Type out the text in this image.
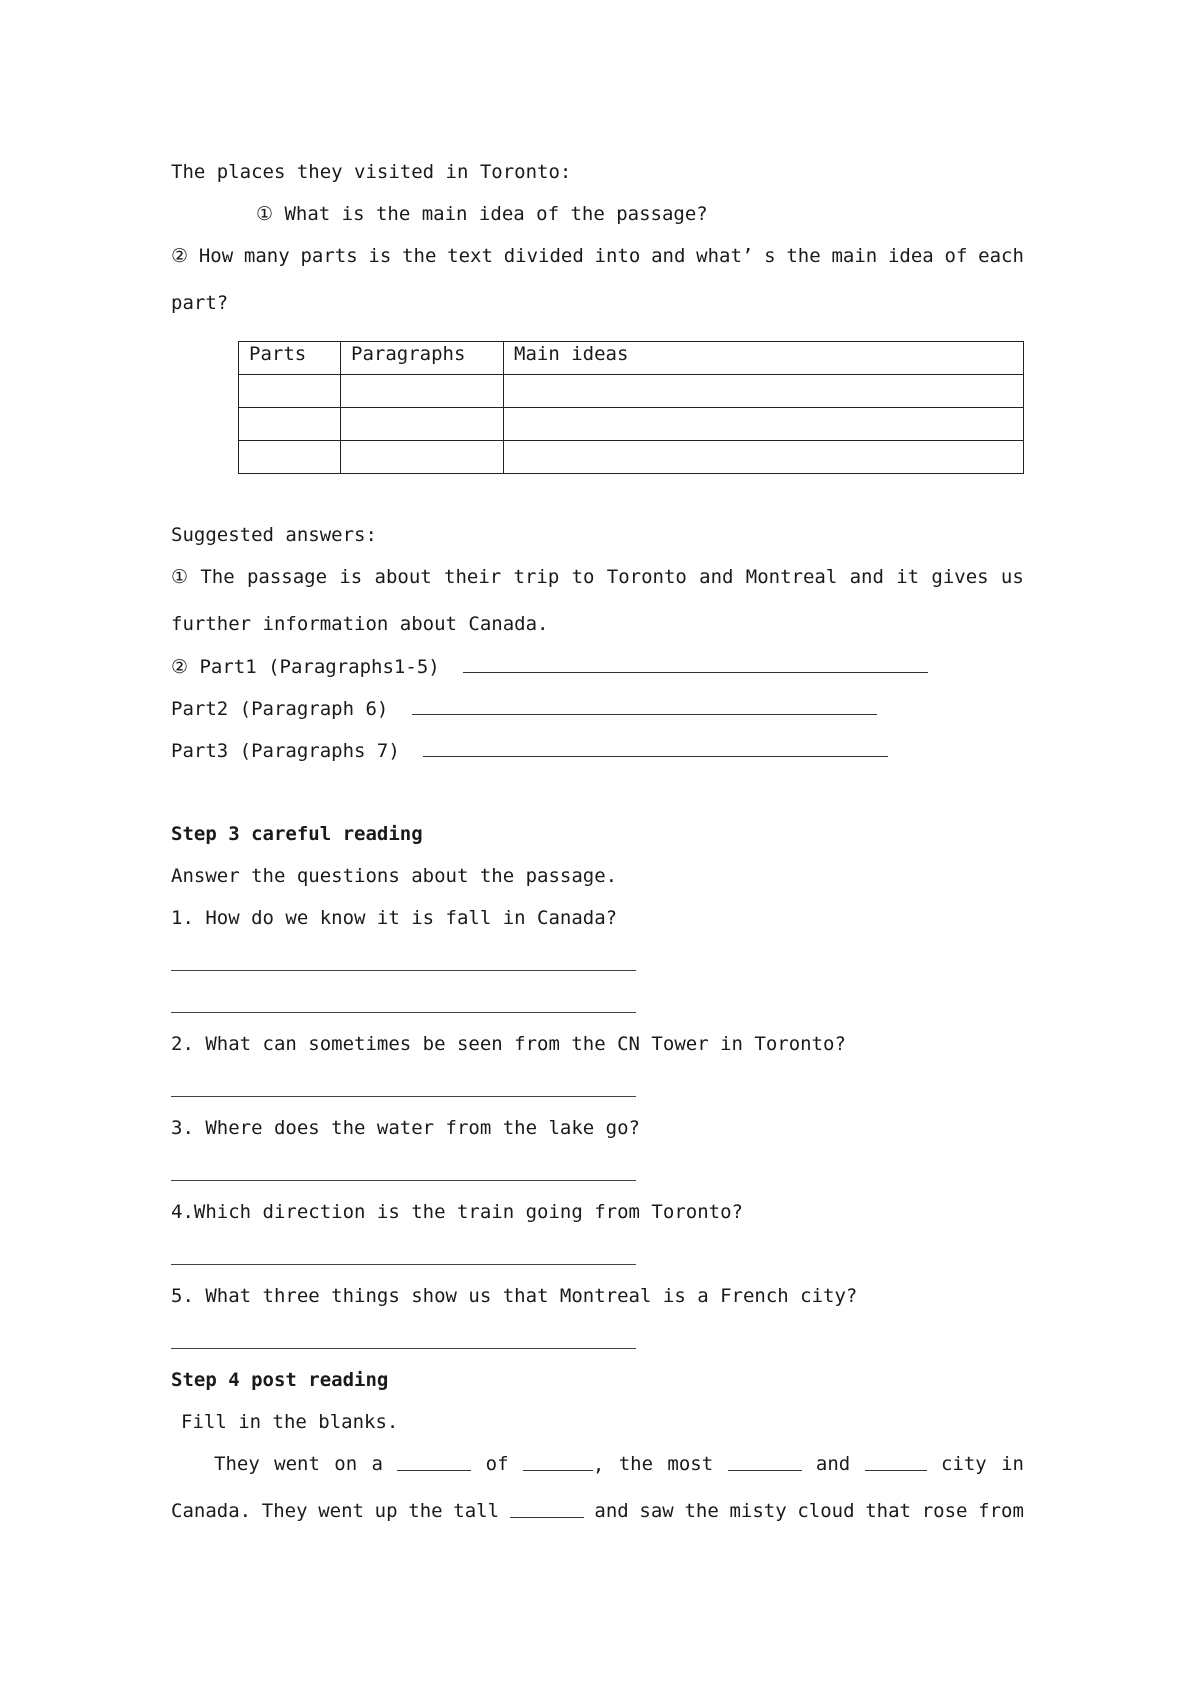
The places they visited in Toronto:
① What is the main idea of the passage?
② How many parts is the text divided into and what’ s the main idea of each
part?
Parts	Paragraphs	Main ideas

Suggested answers:
① The passage is about their trip to Toronto and Montreal and it gives us
further information about Canada.
② Part1 (Paragraphs1-5)
Part2 (Paragraph 6)
Part3 (Paragraphs 7)
Step 3 careful reading
Answer the questions about the passage.
1. How do we know it is fall in Canada?
2. What can sometimes be seen from the CN Tower in Toronto?
3. Where does the water from the lake go?
4.Which direction is the train going from Toronto?
5. What three things show us that Montreal is a French city?
Step 4 post reading
Fill in the blanks.
They went on a	of	, the most	and	city in
Canada. They went up the tall	and saw the misty cloud that rose from
